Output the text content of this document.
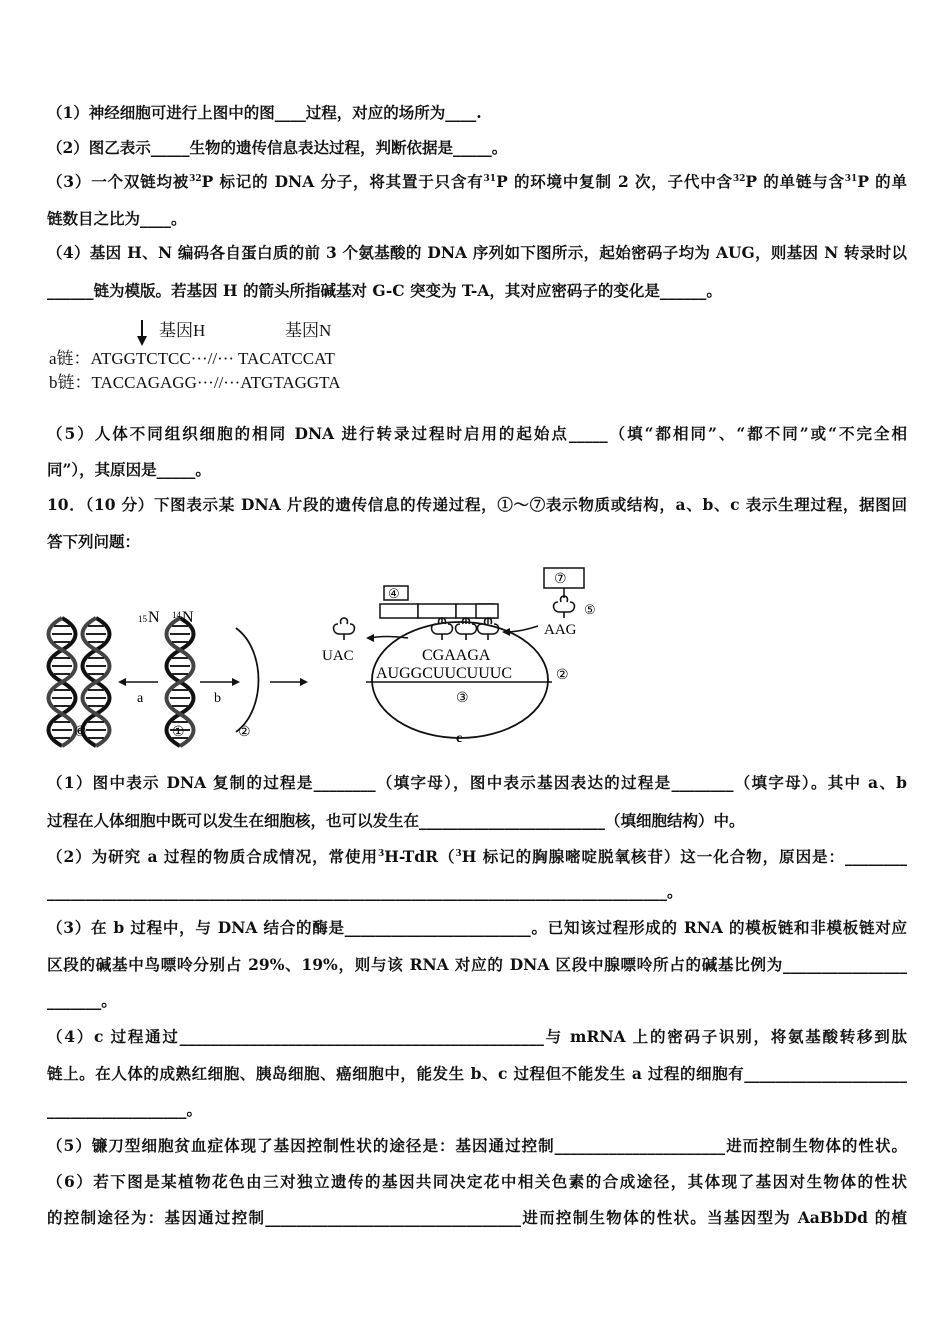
（1）神经细胞可进行上图中的图____过程，对应的场所为____.
（2）图乙表示_____生物的遗传信息表达过程，判断依据是_____。
（3）一个双链均被$^{32}$P 标记的 DNA 分子，将其置于只含有$^{31}$P 的环境中复制 2 次，子代中含$^{32}$P 的单链与含$^{31}$P 的单
链数目之比为____。
（4）基因 H、N 编码各自蛋白质的前 3 个氨基酸的 DNA 序列如下图所示，起始密码子均为 AUG，则基因 N 转录时以
______链为模版。若基因 H 的箭头所指碱基对 G-C 突变为 T-A，其对应密码子的变化是______。
基因H	基因N
a链：ATGGTCTCC···//··· TACATCCAT
b链：TACCAGAGG···//···ATGTAGGTA
（5）人体不同组织细胞的相同 DNA 进行转录过程时启用的起始点_____（填“都相同”、“都不同”或“不完全相
同”），其原因是_____。
10．（10 分）下图表示某 DNA 片段的遗传信息的传递过程，①～⑦表示物质或结构，a、b、c 表示生理过程，据图回
答下列问题：
15 N 14 N
a	b
④
UAC
⑦
⑤
AAG
CGAAGA
AUGGCUUCUUUC	②
③
c
⑥	①	②
（1）图中表示 DNA 复制的过程是________（填字母），图中表示基因表达的过程是________（填字母）。其中 a、b
过程在人体细胞中既可以发生在细胞核，也可以发生在________________________（填细胞结构）中。
（2）为研究 a 过程的物质合成情况，常使用$^3$H-TdR（$^3$H 标记的胸腺嘧啶脱氧核苷）这一化合物，原因是：________
________________________________________________________________________________。
（3）在 b 过程中，与 DNA 结合的酶是________________________。已知该过程形成的 RNA 的模板链和非模板链对应
区段的碱基中鸟嘌呤分别占 29%、19%，则与该 RNA 对应的 DNA 区段中腺嘌呤所占的碱基比例为________________
_______。
（4）c 过程通过_______________________________________________与 mRNA 上的密码子识别，将氨基酸转移到肽
链上。在人体的成熟红细胞、胰岛细胞、癌细胞中，能发生 b、c 过程但不能发生 a 过程的细胞有_____________________
__________________。
（5）镰刀型细胞贫血症体现了基因控制性状的途径是：基因通过控制______________________进而控制生物体的性状。
（6）若下图是某植物花色由三对独立遗传的基因共同决定花中相关色素的合成途径，其体现了基因对生物体的性状
的控制途径为：基因通过控制_________________________________进而控制生物体的性状。当基因型为 AaBbDd 的植
